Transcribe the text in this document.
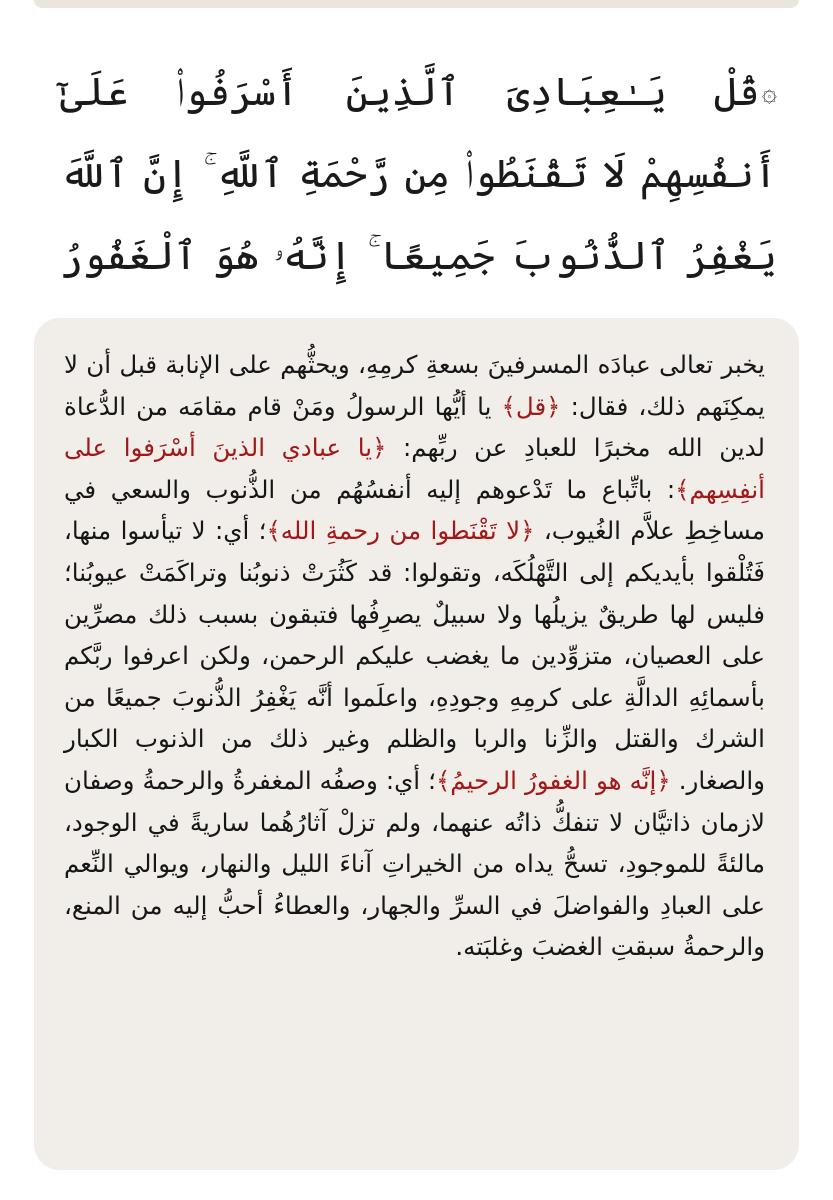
۞قُلْ يَـٰعِبَادِىَ ٱلَّذِينَ أَسْرَفُوا۟ عَلَىٰٓ أَنفُسِهِمْ لَا تَقْنَطُوا۟ مِن رَّحْمَةِ ٱللَّهِ ۚ إِنَّ ٱللَّهَ يَغْفِرُ ٱلذُّنُوبَ جَمِيعًا ۚ إِنَّهُۥ هُوَ ٱلْغَفُورُ

يخبر تعالى عبادَه المسرفينَ بسعةِ كرمِهِ، ويحثُّهم على الإنابة قبل أن لا يمكِنَهم ذلك، فقال: ﴿قل﴾ يا أيُّها الرسولُ ومَنْ قام مقامَه من الدُّعاة لدين الله مخبرًا للعبادِ عن ربِّهم: ﴿يا عبادي الذينَ أسْرَفوا على أنفِسِهم﴾: باتِّباع ما تَدْعوهم إليه أنفسُهُم من الذُّنوب والسعي في مساخِطِ علاَّم الغُيوب، ﴿لا تَقْنَطوا من رحمةِ الله﴾؛ أي: لا تيأسوا منها، فَتُلْقوا بأيديكم إلى التَّهْلُكَه، وتقولوا: قد كَثُرَتْ ذنوبُنا وتراكَمَتْ عيوبُنا؛ فليس لها طريقٌ يزيلُها ولا سبيلٌ يصرِفُها فتبقون بسبب ذلك مصرِّين على العصيان، متزوِّدين ما يغضب عليكم الرحمن، ولكن اعرفوا ربَّكم بأسمائِهِ الدالَّةِ على كرمِهِ وجودِهِ، واعلَموا أنَّه يَغْفِرُ الذُّنوبَ جميعًا من الشرك والقتل والزِّنا والربا والظلم وغير ذلك من الذنوب الكبار والصغار. ﴿إنَّه هو الغفورُ الرحيمُ﴾؛ أي: وصفُه المغفرةُ والرحمةُ وصفان لازمان ذاتيَّان لا تنفكُّ ذاتُه عنهما، ولم تزلْ آثارُهُما ساريةً في الوجود، مالئةً للموجودِ، تسحُّ يداه من الخيراتِ آناءَ الليل والنهار، ويوالي النِّعم على العبادِ والفواضلَ في السرِّ والجهار، والعطاءُ أحبُّ إليه من المنع، والرحمةُ سبقتِ الغضبَ وغلبَته.
